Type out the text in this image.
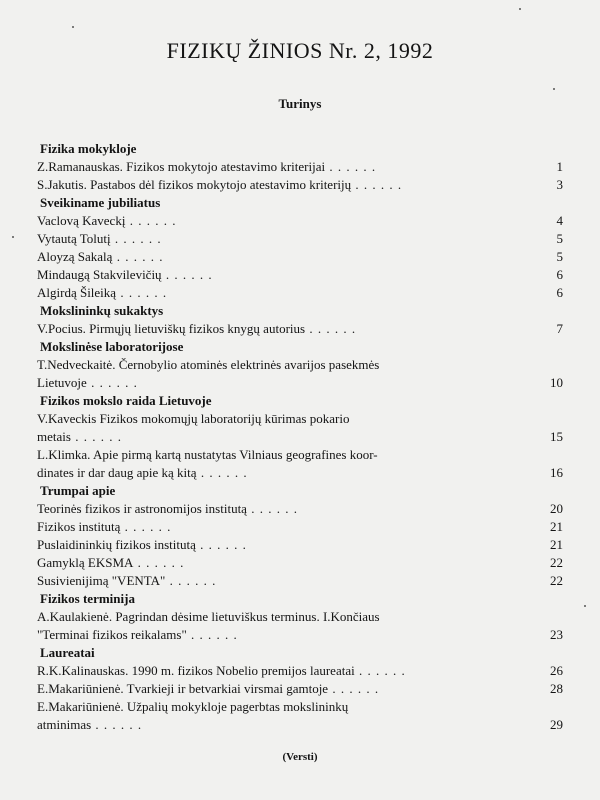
FIZIKŲ ŽINIOS Nr. 2, 1992
Turinys
Fizika mokykloje
Z.Ramanauskas. Fizikos mokytojo atestavimo kriterijai . . . . . .	1
S.Jakutis. Pastabos dėl fizikos mokytojo atestavimo kriterijų . . . . . .	3
Sveikiname jubiliatus
Vaclovą Kaveckį . . . . . .	4
Vytautą Tolutį . . . . . .	5
Aloyzą Sakalą . . . . . .	5
Mindaugą Stakvilevičių . . . . . .	6
Algirdą Šileiką . . . . . .	6
Mokslininkų sukaktys
V.Pocius. Pirmųjų lietuviškų fizikos knygų autorius . . . . . .	7
Mokslinėse laboratorijose
T.Nedveckaitė. Černobylio atominės elektrinės avarijos pasekmės
Lietuvoje . . . . . .	10
Fizikos mokslo raida Lietuvoje
V.Kaveckis Fizikos mokomųjų laboratorijų kūrimas pokario
metais . . . . . .	15
L.Klimka. Apie pirmą kartą nustatytas Vilniaus geografines koor-
dinates ir dar daug apie ką kitą . . . . . .	16
Trumpai apie
Teorinės fizikos ir astronomijos institutą . . . . . .	20
Fizikos institutą . . . . . .	21
Puslaidininkių fizikos institutą . . . . . .	21
Gamyklą EKSMA . . . . . .	22
Susivienijimą "VENTA" . . . . . .	22
Fizikos terminija
A.Kaulakienė. Pagrindan dėsime lietuviškus terminus. I.Končiaus
"Terminai fizikos reikalams" . . . . . .	23
Laureatai
R.K.Kalinauskas. 1990 m. fizikos Nobelio premijos laureatai . . . . . .	26
E.Makariūnienė. Tvarkieji ir betvarkiai virsmai gamtoje . . . . . .	28
E.Makariūnienė. Užpalių mokykloje pagerbtas mokslininkų
atminimas . . . . . .	29
(Versti)
